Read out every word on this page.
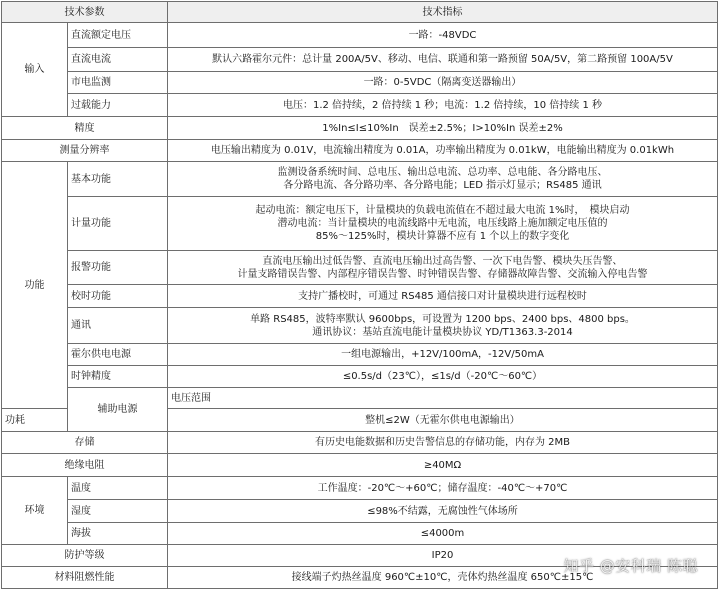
技术参数		技术指标	
输入	直流额定电压	一路：-48VDC	

	直流电流	默认六路霍尔元件：总计量 200A/5V、移动、电信、联通和第一路预留 50A/5V，第二路预留 100A/5V	

	市电监测	一路：0-5VDC（隔离变送器输出）	

	过载能力	电压：1.2 倍持续，2 倍持续 1 秒；电流：1.2 倍持续，10 倍持续 1 秒	

精度		1%In≤I≤10%In　误差±2.5%；I>10%In 误差±2%	

测量分辨率		电压输出精度为 0.01V，电流输出精度为 0.01A，功率输出精度为 0.01kW，电能输出精度为 0.01kWh	

功能	基本功能	监测设备系统时间、总电压、输出总电流、总功率、总电能、各分路电压、
各分路电流、各分路功率、各分路电能；LED 指示灯显示；RS485 通讯	

	计量功能	起动电流：额定电压下，计量模块的负载电流值在不超过最大电流 1%时，　模块启动
潜动电流：当计量模块的电流线路中无电流，电压线路上施加额定电压值的
85%～125%时，模块计算器不应有 1 个以上的数字变化	

	报警功能	直流电压输出过低告警、直流电压输出过高告警、一次下电告警、模块失压告警、
计量支路错误告警、内部程序错误告警、时钟错误告警、存储器故障告警、交流输入停电告警	

	校时功能	支持广播校时，可通过 RS485 通信接口对计量模块进行远程校时	

	通讯	单路 RS485，波特率默认 9600bps，可设置为 1200 bps、2400 bps、4800 bps。
通讯协议：基站直流电能计量模块协议 YD/T1363.3-2014	

	霍尔供电电源	一组电源输出，+12V/100mA，-12V/50mA	

	时钟精度	≤0.5s/d（23℃），≤1s/d（-20℃～60℃）	

	辅助电源	电压范围	

功耗		整机≤2W（无霍尔供电电源输出）	

存储		有历史电能数据和历史告警信息的存储功能，内存为 2MB	

绝缘电阻		≥40MΩ	

环境	温度	工作温度：-20℃～+60℃；储存温度：-40℃～+70℃	

	湿度	≤98%不结露，无腐蚀性气体场所	

	海拔	≤4000m	

防护等级		IP20	

材料阻燃性能		接线端子灼热丝温度 960℃±10℃，壳体灼热丝温度 650℃±15℃	
知乎 @安科瑞 陈聪
